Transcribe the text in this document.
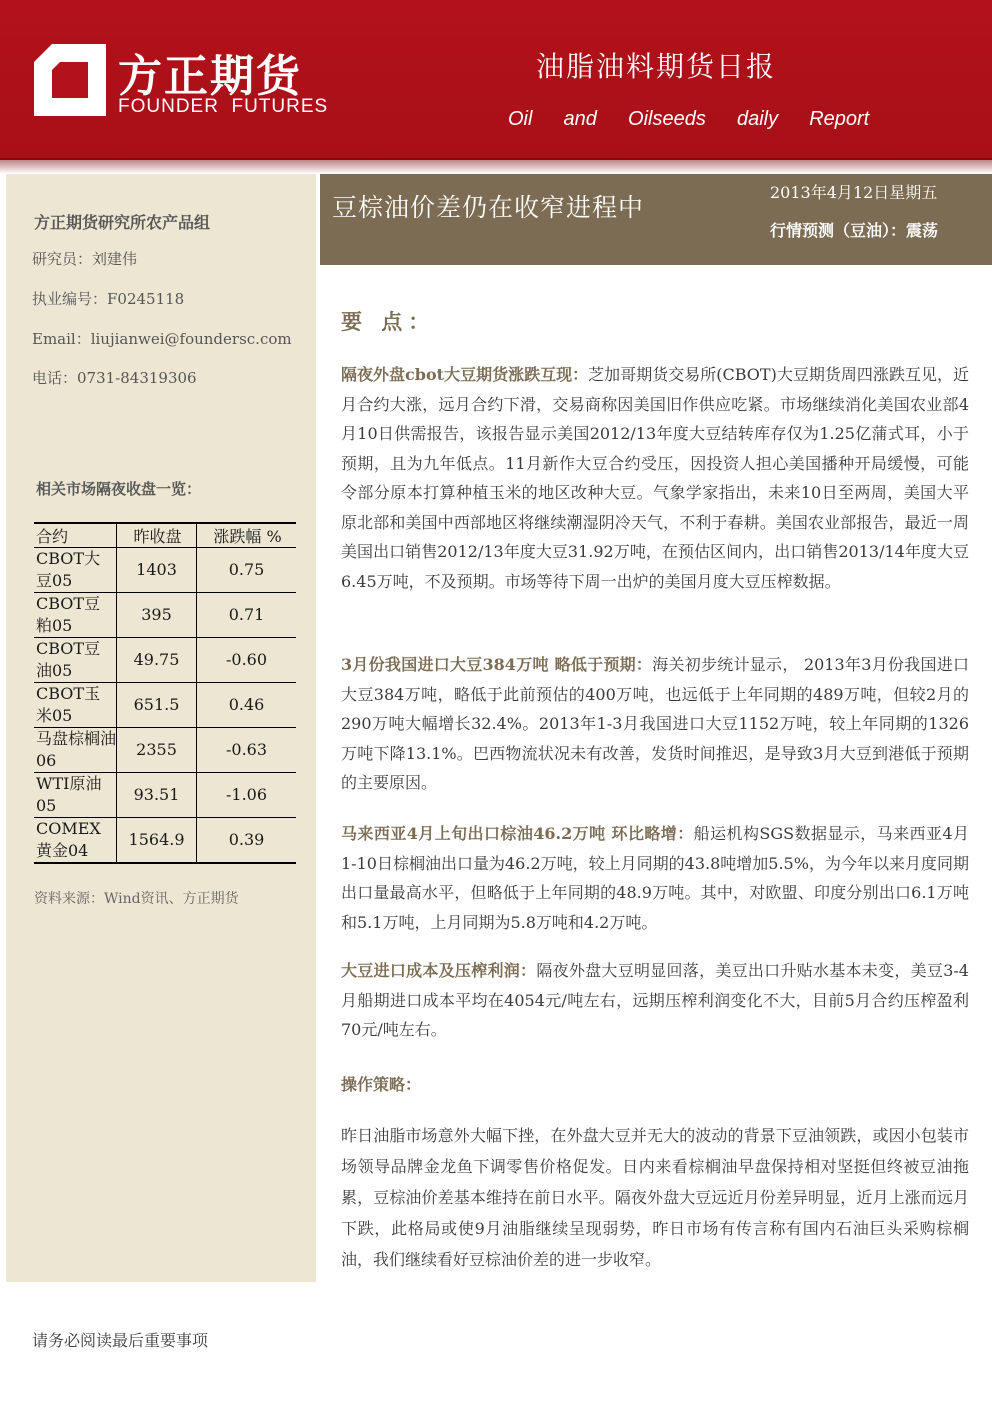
方正期货
FOUNDER  FUTURES
油脂油料期货日报
Oil  and  Oilseeds  daily  Report
方正期货研究所农产品组
研究员：刘建伟
执业编号：F0245118
Email：liujianwei@foundersc.com
电话：0731-84319306
相关市场隔夜收盘一览：
合约	昨收盘	涨跌幅 %
CBOT大豆05	1403	0.75
CBOT豆粕05	395	0.71
CBOT豆油05	49.75	-0.60
CBOT玉米05	651.5	0.46
马盘棕榈油06	2355	-0.63
WTI原油05	93.51	-1.06
COMEX黄金04	1564.9	0.39
资料来源：Wind资讯、方正期货
豆棕油价差仍在收窄进程中
2013年4月12日星期五
行情预测（豆油）：震荡
要 点：
隔夜外盘cbot大豆期货涨跌互现：芝加哥期货交易所(CBOT)大豆期货周四涨跌互见，近月合约大涨，远月合约下滑，交易商称因美国旧作供应吃紧。市场继续消化美国农业部4月10日供需报告，该报告显示美国2012/13年度大豆结转库存仅为1.25亿蒲式耳，小于预期，且为九年低点。11月新作大豆合约受压，因投资人担心美国播种开局缓慢，可能令部分原本打算种植玉米的地区改种大豆。气象学家指出，未来10日至两周，美国大平原北部和美国中西部地区将继续潮湿阴冷天气，不利于春耕。美国农业部报告，最近一周美国出口销售2012/13年度大豆31.92万吨，在预估区间内，出口销售2013/14年度大豆6.45万吨，不及预期。市场等待下周一出炉的美国月度大豆压榨数据。
3月份我国进口大豆384万吨 略低于预期：海关初步统计显示， 2013年3月份我国进口大豆384万吨，略低于此前预估的400万吨，也远低于上年同期的489万吨，但较2月的290万吨大幅增长32.4%。2013年1-3月我国进口大豆1152万吨，较上年同期的1326万吨下降13.1%。巴西物流状况未有改善，发货时间推迟，是导致3月大豆到港低于预期的主要原因。
马来西亚4月上旬出口棕油46.2万吨 环比略增：船运机构SGS数据显示，马来西亚4月1-10日棕榈油出口量为46.2万吨，较上月同期的43.8吨增加5.5%，为今年以来月度同期出口量最高水平，但略低于上年同期的48.9万吨。其中，对欧盟、印度分别出口6.1万吨和5.1万吨，上月同期为5.8万吨和4.2万吨。
大豆进口成本及压榨利润：隔夜外盘大豆明显回落，美豆出口升贴水基本未变，美豆3-4月船期进口成本平均在4054元/吨左右，远期压榨利润变化不大，目前5月合约压榨盈利70元/吨左右。
操作策略：
昨日油脂市场意外大幅下挫，在外盘大豆并无大的波动的背景下豆油领跌，或因小包装市场领导品牌金龙鱼下调零售价格促发。日内来看棕榈油早盘保持相对坚挺但终被豆油拖累，豆棕油价差基本维持在前日水平。隔夜外盘大豆远近月份差异明显，近月上涨而远月下跌，此格局或使9月油脂继续呈现弱势，昨日市场有传言称有国内石油巨头采购棕榈油，我们继续看好豆棕油价差的进一步收窄。
请务必阅读最后重要事项
